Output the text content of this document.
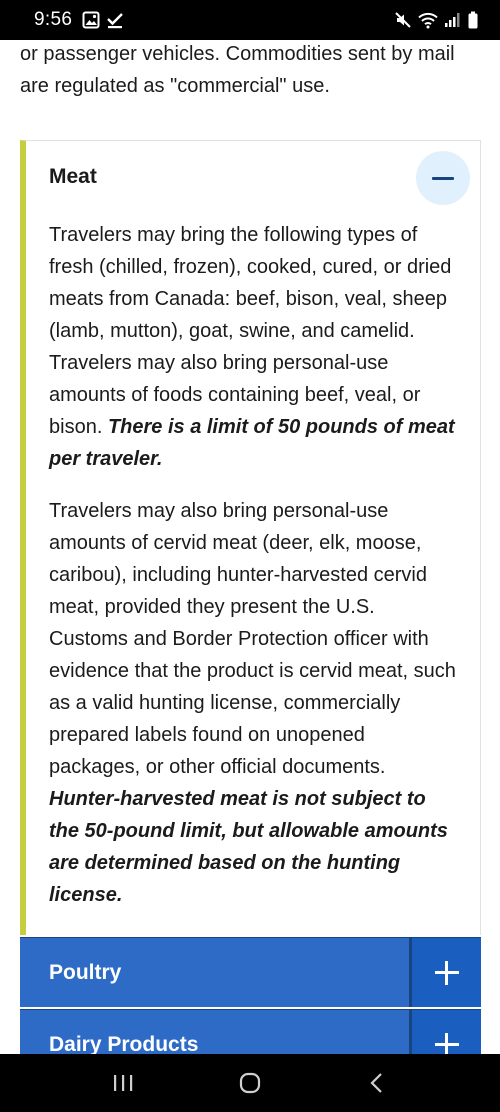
9:56

or passenger vehicles. Commodities sent by mail are regulated as "commercial" use.

Meat

Travelers may bring the following types of fresh (chilled, frozen), cooked, cured, or dried meats from Canada: beef, bison, veal, sheep (lamb, mutton), goat, swine, and camelid. Travelers may also bring personal-use amounts of foods containing beef, veal, or bison. There is a limit of 50 pounds of meat per traveler.

Travelers may also bring personal-use amounts of cervid meat (deer, elk, moose, caribou), including hunter-harvested cervid meat, provided they present the U.S. Customs and Border Protection officer with evidence that the product is cervid meat, such as a valid hunting license, commercially prepared labels found on unopened packages, or other official documents. Hunter-harvested meat is not subject to the 50-pound limit, but allowable amounts are determined based on the hunting license.

Poultry
Dairy Products
